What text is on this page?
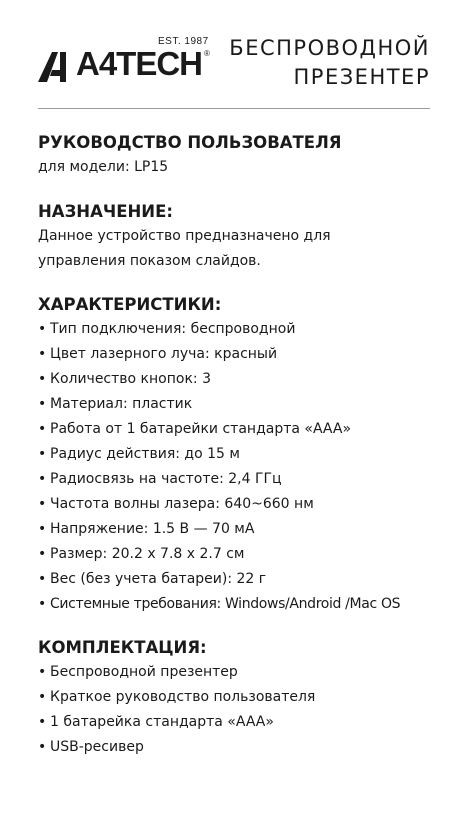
A4TECH
EST. 1987
® БЕСПРОВОДНОЙ
ПРЕЗЕНТЕР
РУКОВОДСТВО ПОЛЬЗОВАТЕЛЯ

для модели: LP15

НАЗНАЧЕНИЕ:

Данное устройство предназначено для

управления показом слайдов.

ХАРАКТЕРИСТИКИ:
• Тип подключения: беспроводной
• Цвет лазерного луча: красный
• Количество кнопок: 3
• Материал: пластик
• Работа от 1 батарейки стандарта «AAA»
• Радиус действия: до 15 м
• Радиосвязь на частоте: 2,4 ГГц
• Частота волны лазера: 640~660 нм
• Напряжение: 1.5 В — 70 мА
• Размер: 20.2 х 7.8 х 2.7 см
• Вес (без учета батареи): 22 г
• Системные требования: Windows/Android /Mac OS
КОМПЛЕКТАЦИЯ:
• Беспроводной презентер
• Краткое руководство пользователя
• 1 батарейка стандарта «AAA»
• USB-ресивер
